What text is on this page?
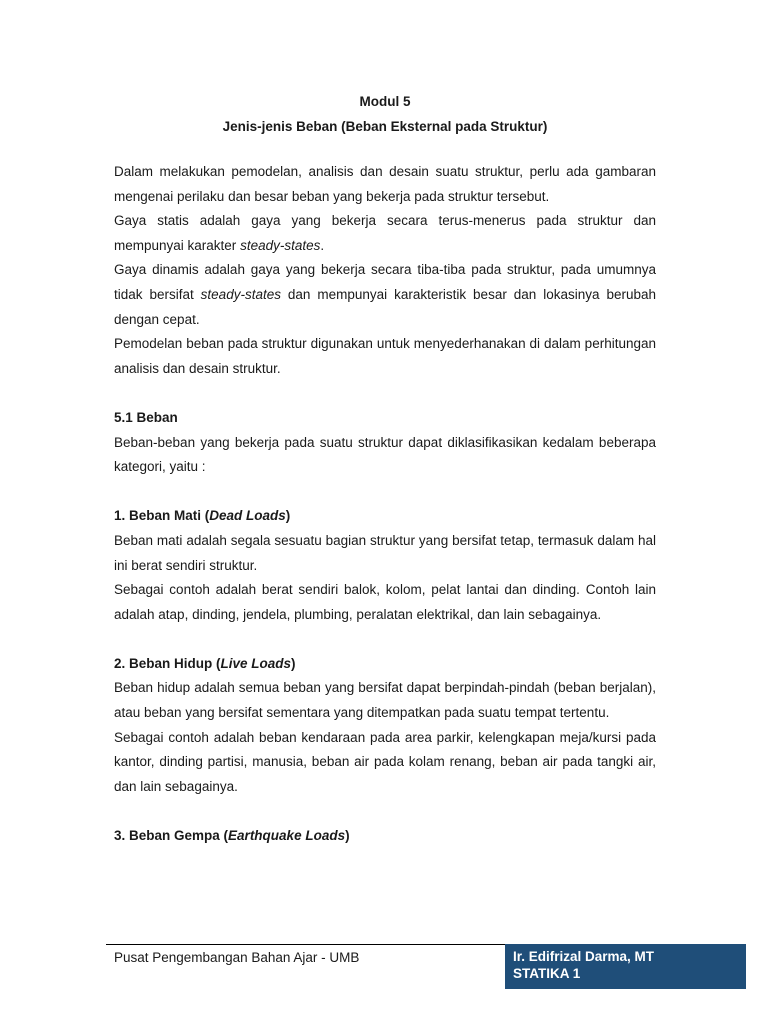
Modul 5
Jenis-jenis Beban (Beban Eksternal pada Struktur)

Dalam melakukan pemodelan, analisis dan desain suatu struktur, perlu ada gambaran mengenai perilaku dan besar beban yang bekerja pada struktur tersebut.

Gaya statis adalah gaya yang bekerja secara terus-menerus pada struktur dan mempunyai karakter steady-states.

Gaya dinamis adalah gaya yang bekerja secara tiba-tiba pada struktur, pada umumnya tidak bersifat steady-states dan mempunyai karakteristik besar dan lokasinya berubah dengan cepat.

Pemodelan beban pada struktur digunakan untuk menyederhanakan di dalam perhitungan analisis dan desain struktur.

5.1 Beban

Beban-beban yang bekerja pada suatu struktur dapat diklasifikasikan kedalam beberapa kategori, yaitu :

1. Beban Mati (Dead Loads)

Beban mati adalah segala sesuatu bagian struktur yang bersifat tetap, termasuk dalam hal ini berat sendiri struktur.

Sebagai contoh adalah berat sendiri balok, kolom, pelat lantai dan dinding. Contoh lain adalah atap, dinding, jendela, plumbing, peralatan elektrikal, dan lain sebagainya.

2. Beban Hidup (Live Loads)

Beban hidup adalah semua beban yang bersifat dapat berpindah-pindah (beban berjalan), atau beban yang bersifat sementara yang ditempatkan pada suatu tempat tertentu.

Sebagai contoh adalah beban kendaraan pada area parkir, kelengkapan meja/kursi pada kantor, dinding partisi, manusia, beban air pada kolam renang, beban air pada tangki air, dan lain sebagainya.

3. Beban Gempa (Earthquake Loads)

Pusat Pengembangan Bahan Ajar - UMB	Ir. Edifrizal Darma, MT
STATIKA 1
